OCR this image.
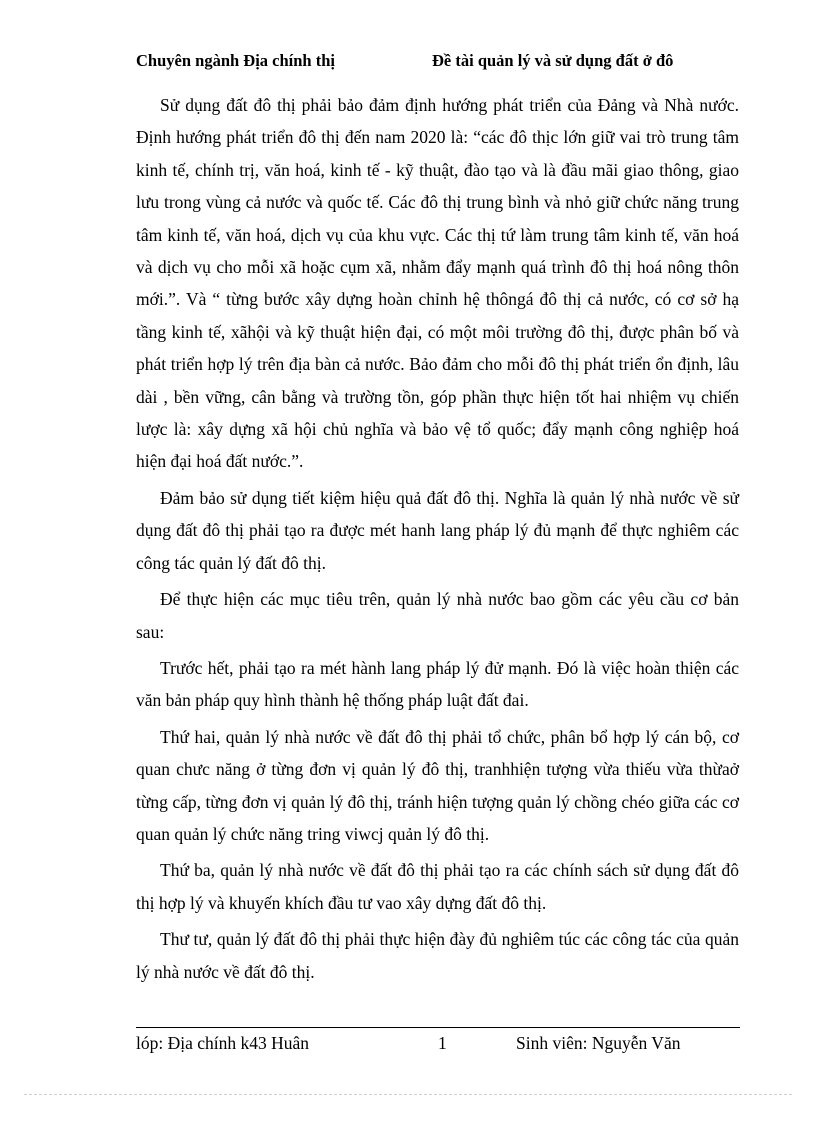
Chuyên ngành Địa chính thị	Đề tài quản lý và sử dụng đất ở đô

Sử dụng đất đô thị phải bảo đảm định hướng phát triển của Đảng và Nhà nước. Định hướng phát triển đô thị đến nam 2020 là: “các đô thịc lớn giữ vai trò trung tâm kinh tế, chính trị, văn hoá, kinh tế - kỹ thuật, đào tạo và là đầu mãi giao thông, giao lưu trong vùng cả nước và quốc tế. Các đô thị trung bình và nhỏ giữ chức năng trung tâm kinh tế, văn hoá, dịch vụ của khu vực. Các thị tứ làm trung tâm kinh tế, văn hoá và dịch vụ cho mỗi xã hoặc cụm xã, nhằm đẩy mạnh quá trình đô thị hoá nông thôn mới.”. Và “ từng bước xây dựng hoàn chỉnh hệ thôngá đô thị cả nước, có cơ sở hạ tầng kinh tế, xãhội và kỹ thuật hiện đại, có một môi trường đô thị, được phân bố và phát triển hợp lý trên địa bàn cả nước. Bảo đảm cho mỗi đô thị phát triển ổn định, lâu dài , bền vững, cân bằng và trường tồn, góp phần thực hiện tốt hai nhiệm vụ chiến lược là: xây dựng xã hội chủ nghĩa và bảo vệ tổ quốc; đẩy mạnh công nghiệp hoá hiện đại hoá đất nước.”.

Đảm bảo sử dụng tiết kiệm hiệu quả đất đô thị. Nghĩa là quản lý nhà nước về sử dụng đất đô thị phải tạo ra được mét hanh lang pháp lý đủ mạnh để thực nghiêm các công tác quản lý đất đô thị.

Để thực hiện các mục tiêu trên, quản lý nhà nước bao gồm các yêu cầu cơ bản sau:

Trước hết, phải tạo ra mét hành lang pháp lý đử mạnh. Đó là việc hoàn thiện các văn bản pháp quy hình thành hệ thống pháp luật đất đai.

Thứ hai, quản lý nhà nước về đất đô thị phải tổ chức, phân bổ hợp lý cán bộ, cơ quan chưc năng ở từng đơn vị quản lý đô thị, tranhhiện tượng vừa thiếu vừa thừaở từng cấp, từng đơn vị quản lý đô thị, tránh hiện tượng quản lý chồng chéo giữa các cơ quan quản lý chức năng tring viwcj quản lý đô thị.

Thứ ba, quản lý nhà nước về đất đô thị phải tạo ra các chính sách sử dụng đất đô thị hợp lý và khuyến khích đầu tư vao xây dựng đất đô thị.

Thư tư, quản lý đất đô thị phải thực hiện đày đủ nghiêm túc các công tác của quản lý nhà nước về đất đô thị.

lóp: Địa chính k43 Huân	1	Sinh viên: Nguyễn Văn
